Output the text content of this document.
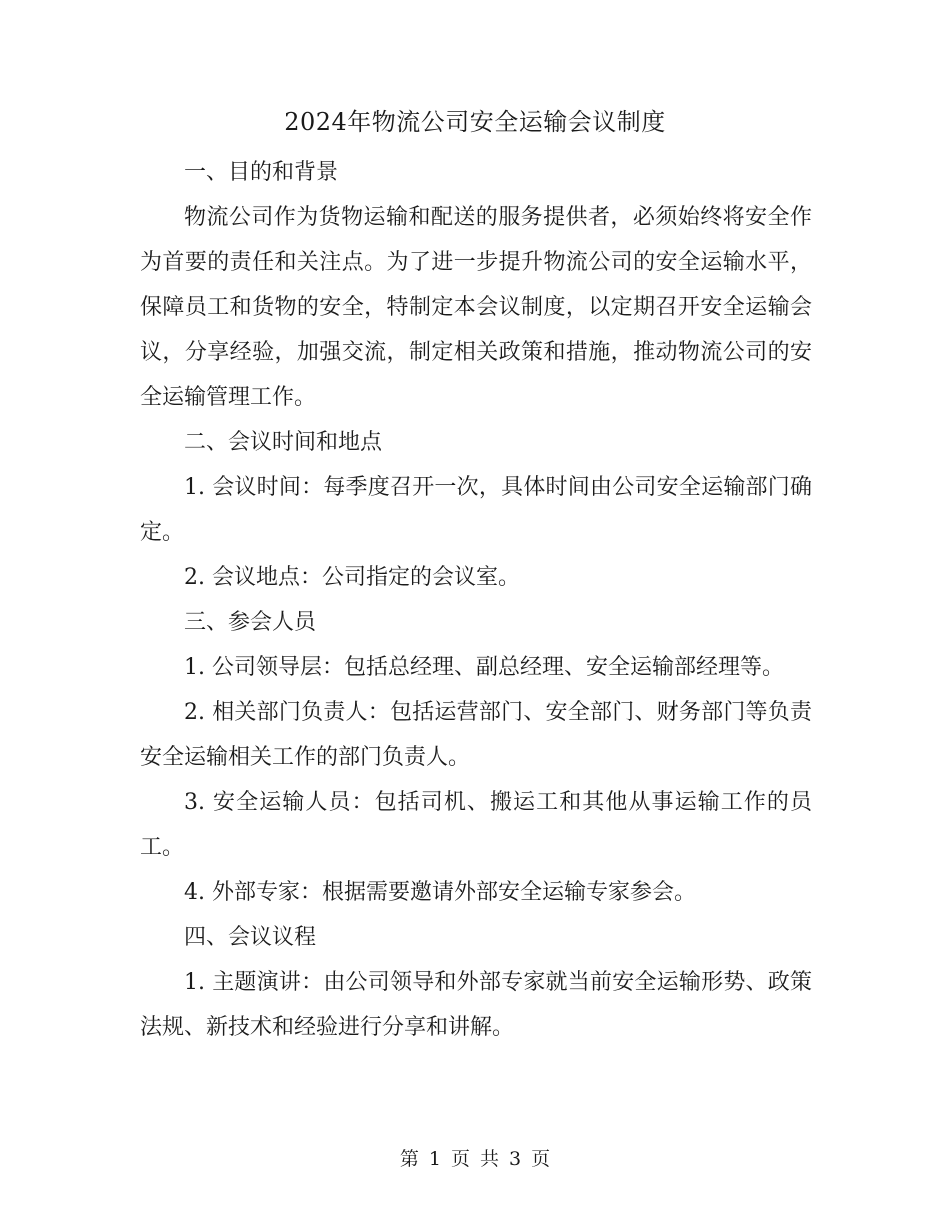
2024年物流公司安全运输会议制度

一、目的和背景

物流公司作为货物运输和配送的服务提供者，必须始终将安全作为首要的责任和关注点。为了进一步提升物流公司的安全运输水平，保障员工和货物的安全，特制定本会议制度，以定期召开安全运输会议，分享经验，加强交流，制定相关政策和措施，推动物流公司的安全运输管理工作。

二、会议时间和地点

1. 会议时间：每季度召开一次，具体时间由公司安全运输部门确定。

2. 会议地点：公司指定的会议室。

三、参会人员

1. 公司领导层：包括总经理、副总经理、安全运输部经理等。

2. 相关部门负责人：包括运营部门、安全部门、财务部门等负责安全运输相关工作的部门负责人。

3. 安全运输人员：包括司机、搬运工和其他从事运输工作的员工。

4. 外部专家：根据需要邀请外部安全运输专家参会。

四、会议议程

1. 主题演讲：由公司领导和外部专家就当前安全运输形势、政策法规、新技术和经验进行分享和讲解。

第 1 页 共 3 页
